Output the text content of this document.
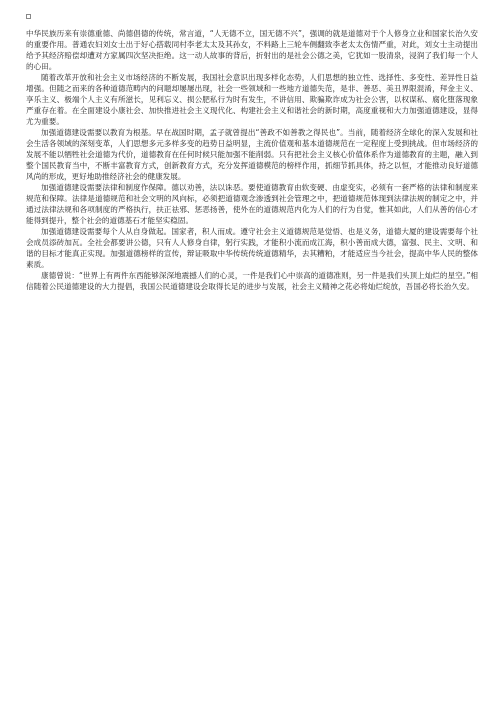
中华民族历来有崇德重德、尚德倡德的传统，常言道，“人无德不立，国无德不兴”，强调的就是道德对于个人修身立业和国家长治久安的重要作用。普通农妇刘女士出于好心搭载同村李老太太及其孙女，不料路上三轮车侧翻致李老太太伤情严重，对此，刘女士主动提出给予其经济赔偿却遭对方家属四次坚决拒绝。这一动人故事的背后，折射出的是社会公德之美，它犹如一股清泉，浸润了我们每一个人的心田。

随着改革开放和社会主义市场经济的不断发展，我国社会意识出现多样化态势，人们思想的独立性、选择性、多变性、差异性日益增强。但随之而来的各种道德范畴内的问题却屡屡出现，社会一些领域和一些地方道德失范，是非、善恶、美丑界限混淆，拜金主义、享乐主义、极端个人主义有所滋长，见利忘义、损公肥私行为时有发生，不讲信用、欺骗欺诈成为社会公害，以权谋私、腐化堕落现象严重存在着。在全面建设小康社会、加快推进社会主义现代化、构建社会主义和谐社会的新时期，高度重视和大力加强道德建设，显得尤为重要。

加强道德建设需要以教育为根基。早在战国时期，孟子就曾提出“善政不如善教之得民也”。当前，随着经济全球化的深入发展和社会生活各领域的深刻变革，人们思想多元多样多变的趋势日益明显，主流价值观和基本道德规范在一定程度上受到挑战。但市场经济的发展不能以牺牲社会道德为代价，道德教育在任何时候只能加强不能削弱。只有把社会主义核心价值体系作为道德教育的主题，融入到整个国民教育当中，不断丰富教育方式，创新教育方式，充分发挥道德模范的榜样作用，抓细节抓具体，持之以恒，才能推动良好道德风尚的形成，更好地助推经济社会的健康发展。

加强道德建设需要法律和制度作保障。德以劝善，法以诛恶。要使道德教育由软变硬、由虚变实，必须有一套严格的法律和制度来规范和保障。法律是道德规范和社会文明的风向标，必须把道德观念渗透到社会管理之中，把道德规范体现到法律法规的制定之中，并通过法律法规和各项制度的严格执行，扶正祛邪、惩恶扬善，使外在的道德规范内化为人们的行为自觉，惟其如此，人们从善的信心才能得到提升，整个社会的道德基石才能坚实稳固。

加强道德建设需要每个人从自身做起。国家者，积人而成。遵守社会主义道德规范是觉悟、也是义务，道德大厦的建设需要每个社会成员添砖加瓦。全社会都要讲公德，只有人人修身自律，躬行实践，才能积小流而成江海，积小善而成大德，富强、民主、文明、和谐的目标才能真正实现。加强道德榜样的宣传，辩证吸取中华传统传统道德精华，去其糟粕，才能适应当今社会，提高中华人民的整体素质。

康德曾说：“世界上有两件东西能够深深地震撼人们的心灵，一件是我们心中崇高的道德准则，另一件是我们头顶上灿烂的星空。”相信随着公民道德建设的大力提倡，我国公民道德建设会取得长足的进步与发展，社会主义精神之花必将灿烂绽放，吾国必将长治久安。
